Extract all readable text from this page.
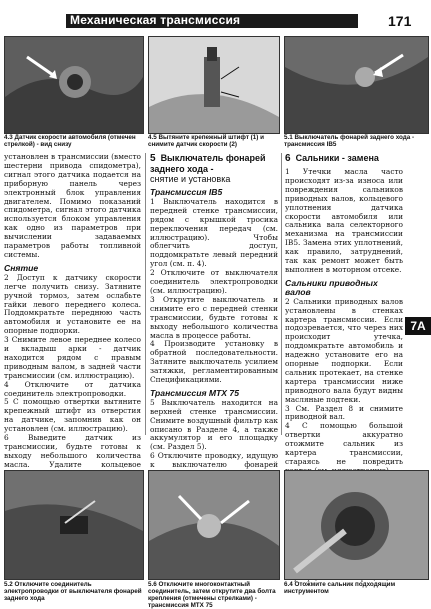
Механическая трансмиссия	171
4.3 Датчик скорости автомобиля (отмечен стрелкой) - вид снизу
4.5 Вытяните крепежный штифт (1) и снимите датчик скорости (2)
5.1 Выключатель фонарей заднего хода - трансмиссия IB5

установлен в трансмиссии (вместо шестерни привода спидометра), сигнал этого датчика подается на приборную панель через электронный блок управления двигателем. Помимо показаний спидометра, сигнал этого датчика используется блоком управления как одно из параметров при вычислении задаваемых параметров работы топливной системы.

Снятие

2 Доступ к датчику скорости легче получить снизу. Затяните ручной тормоз, затем ослабьте гайки левого переднего колеса. Поддомкратьте переднюю часть автомобиля и установите ее на опорные подпорки.

3 Снимите левое переднее колесо и вкладыш арки - датчик находится рядом с правым приводным валом, в задней части трансмиссии (см. иллюстрацию).

4 Отключите от датчика соединитель электропроводки.

5 С помощью отвертки вытяните крепежный штифт из отверстия на датчике, запомнив как он установлен (см. иллюстрацию).

6 Выведите датчик из трансмиссии, будьте готовы к выходу небольшого количества масла. Удалите кольцевое

5 Выключатель фонарей заднего хода -
снятие и установка
Трансмиссия IB5

1 Выключатель находится в передней стенке трансмиссии, рядом с крышкой тросика переключения передач (см. иллюстрацию). Чтобы облегчить доступ, поддомкратьте левый передний угол (см. п. 4).

2 Отключите от выключателя соединитель электропроводки (см. иллюстрацию).

3 Открутите выключатель и снимите его с передней стенки трансмиссии, будьте готовы к выходу небольшого количества масла в процессе работы.

4 Производите установку в обратной последовательности. Затяните выключатель усилием затяжки, регламентированным Спецификациями.

Трансмиссия MTX 75

5 Выключатель находится на верхней стенке трансмиссии. Снимите воздушный фильтр как описано в Разделе 4, а также аккумулятор и его площадку (см. Раздел 5).

6 Отключите проводку, идущую к выключателю фонарей

6 Сальники - замена

1 Утечки масла часто происходят из-за износа или повреждения сальников приводных валов, кольцевого уплотнения датчика скорости автомобиля или сальника вала селекторного механизма на трансмиссии IB5. Замена этих уплотнений, как правило, затруднений, так как ремонт может быть выполнен в моторном отсеке.

Сальники приводных валов

2 Сальники приводных валов установлены в стенках картера трансмиссии. Если подозревается, что через них происходит утечка, поддомкратьте автомобиль и надежно установите его на опорные подпорки. Если сальник протекает, на стенке картера трансмиссии ниже приводного вала будут видны масляные подтеки.

3 См. Раздел 8 и снимите приводной вал.

4 С помощью большой отвертки аккуратно отожмите сальник из картера трансмиссии, стараясь не повредить

7A
5.2 Отключите соединитель электропроводки от выключателя фонарей заднего хода
5.6 Отключите многоконтактный соединитель, затем открутите два болта крепления (отмечены стрелками) - трансмиссия MTX 75
6.4 Отожмите сальник подходящим инструментом
